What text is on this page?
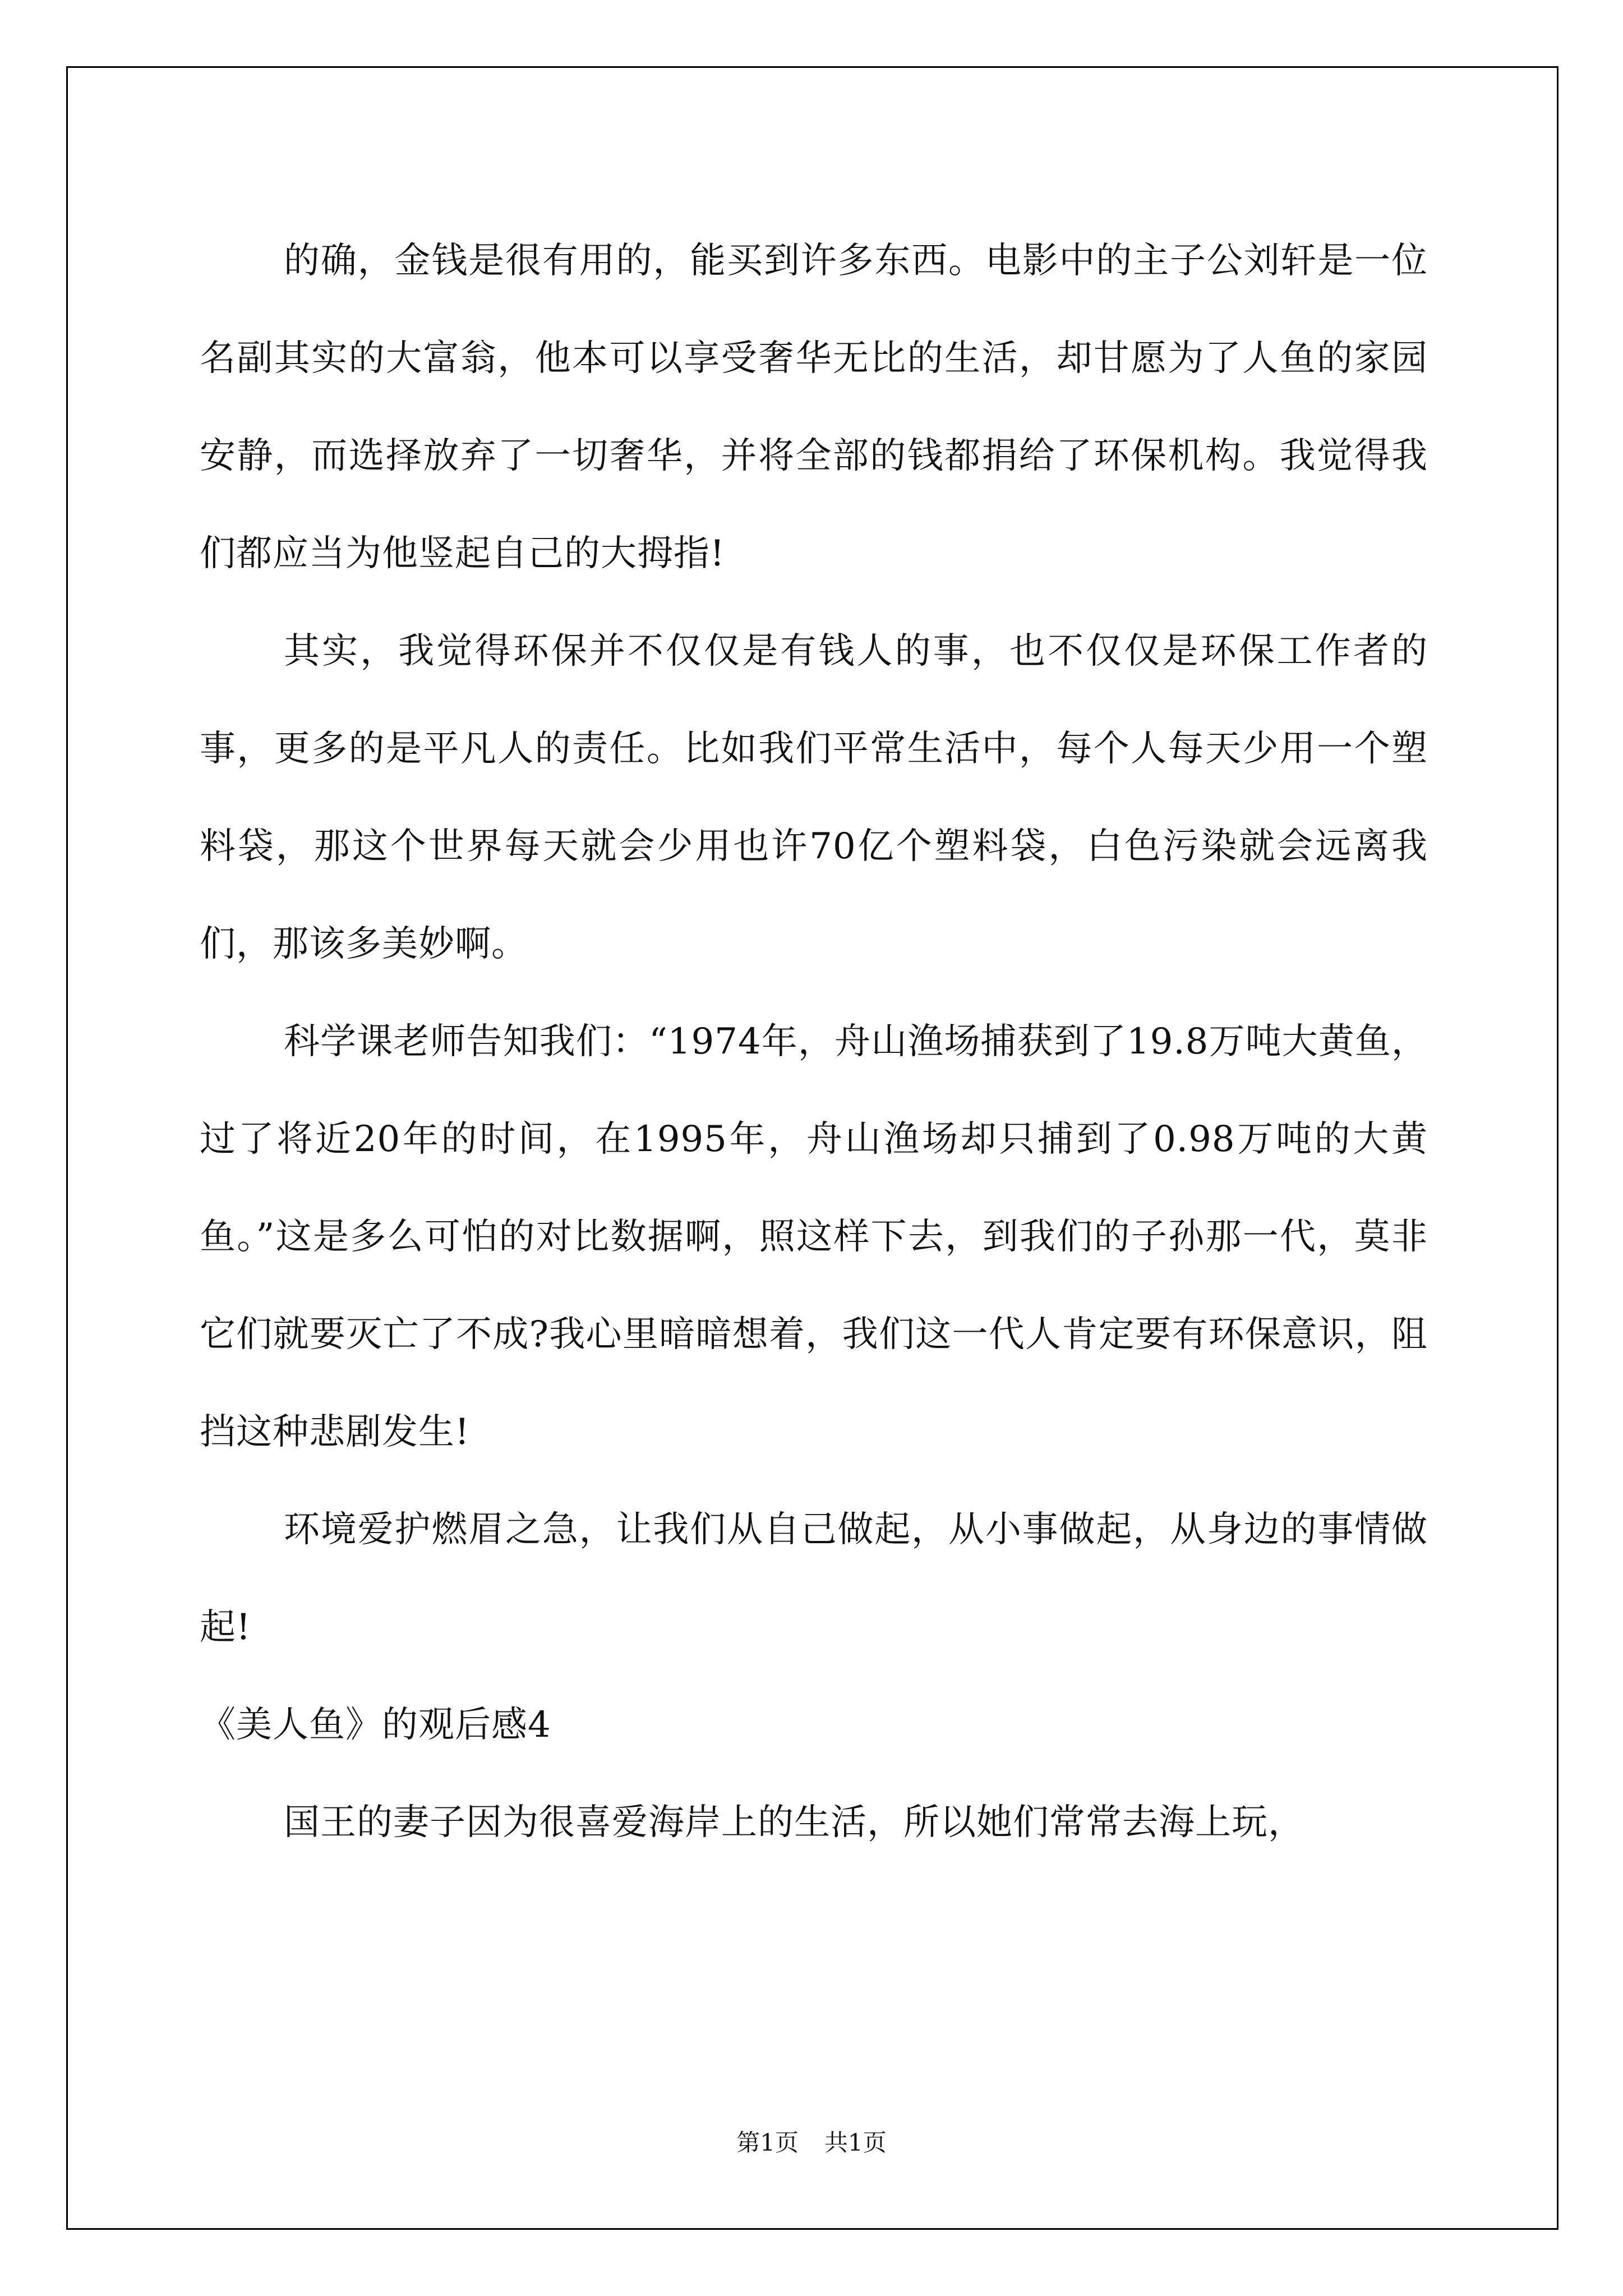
的确，金钱是很有用的，能买到许多东西。电影中的主子公刘轩是一位名副其实的大富翁，他本可以享受奢华无比的生活，却甘愿为了人鱼的家园安静，而选择放弃了一切奢华，并将全部的钱都捐给了环保机构。我觉得我们都应当为他竖起自己的大拇指!

其实，我觉得环保并不仅仅是有钱人的事，也不仅仅是环保工作者的事，更多的是平凡人的责任。比如我们平常生活中，每个人每天少用一个塑料袋，那这个世界每天就会少用也许70亿个塑料袋，白色污染就会远离我们，那该多美妙啊。

科学课老师告知我们：“1974年，舟山渔场捕获到了19.8万吨大黄鱼，过了将近20年的时间，在1995年，舟山渔场却只捕到了0.98万吨的大黄鱼。”这是多么可怕的对比数据啊，照这样下去，到我们的子孙那一代，莫非它们就要灭亡了不成?我心里暗暗想着，我们这一代人肯定要有环保意识，阻挡这种悲剧发生!

环境爱护燃眉之急，让我们从自己做起，从小事做起，从身边的事情做起!

《美人鱼》的观后感4

国王的妻子因为很喜爱海岸上的生活，所以她们常常去海上玩，

第1页 共1页
